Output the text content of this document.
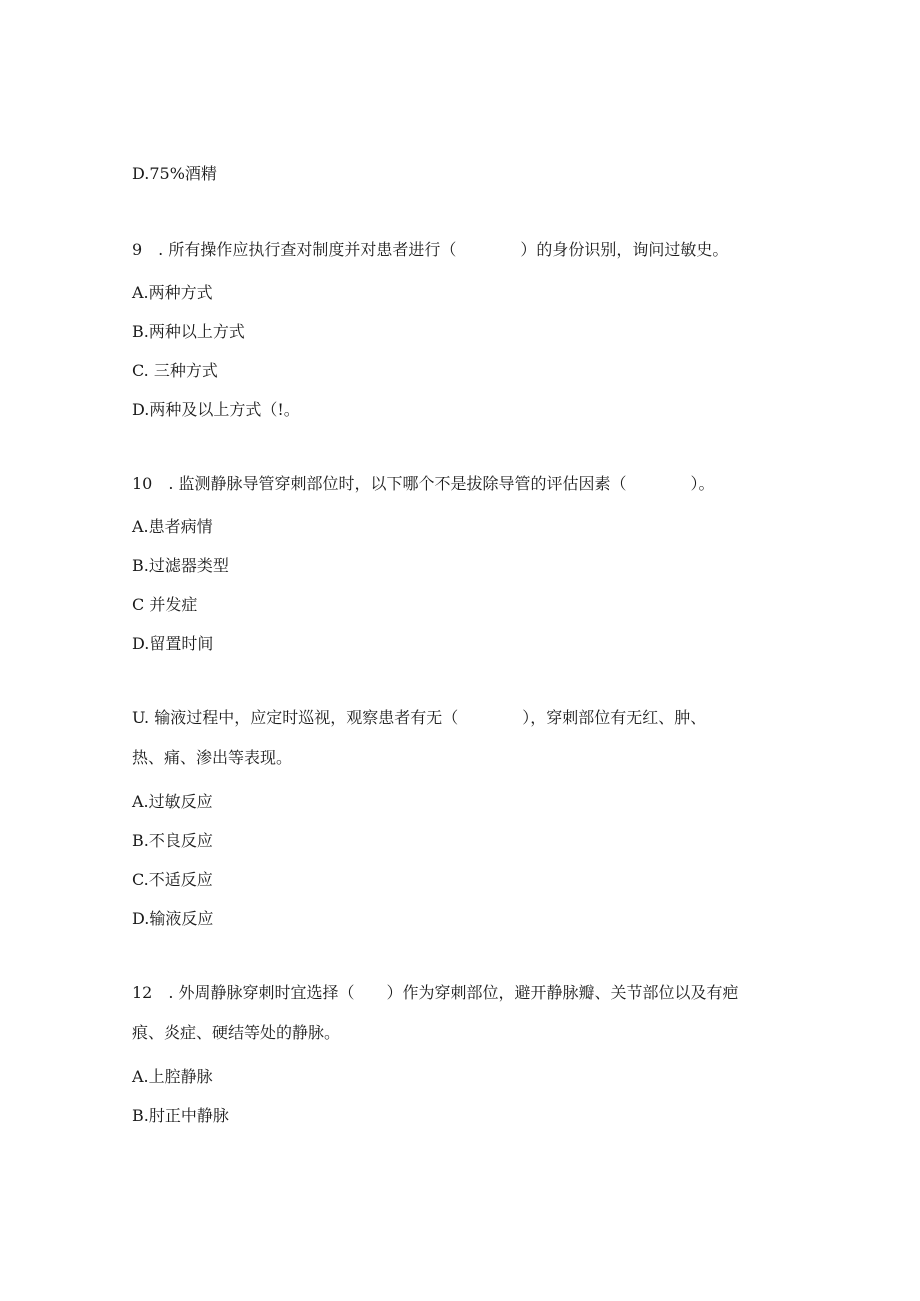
D.75%酒精
9　. 所有操作应执行查对制度并对患者进行（　　　　）的身份识别，询问过敏史。
A.两种方式
B.两种以上方式
C. 三种方式
D.两种及以上方式（!。
10　. 监测静脉导管穿刺部位时，以下哪个不是拔除导管的评估因素（　　　　）。
A.患者病情
B.过滤器类型
C 并发症
D.留置时间
U. 输液过程中，应定时巡视，观察患者有无（　　　　），穿刺部位有无红、肿、
热、痛、渗出等表现。
A.过敏反应
B.不良反应
C.不适反应
D.输液反应
12　. 外周静脉穿刺时宜选择（　　）作为穿刺部位，避开静脉瓣、关节部位以及有疤
痕、炎症、硬结等处的静脉。
A.上腔静脉
B.肘正中静脉
